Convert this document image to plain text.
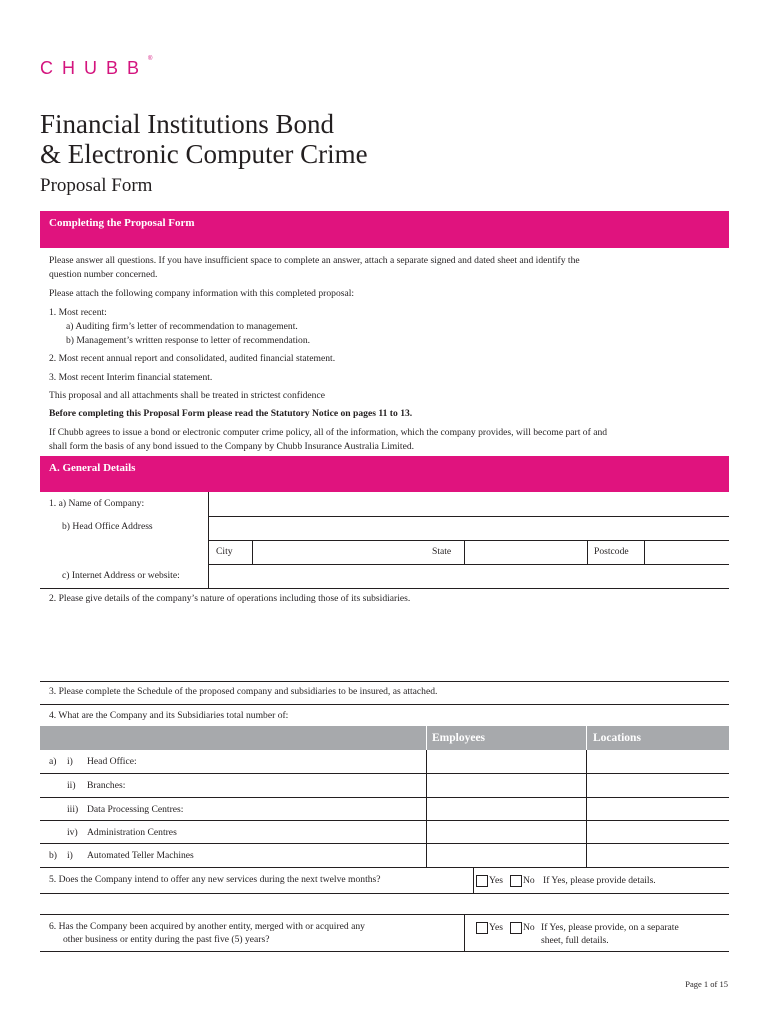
CHUBB®
Financial Institutions Bond
& Electronic Computer Crime
Proposal Form
Completing the Proposal Form
Please answer all questions. If you have insufficient space to complete an answer, attach a separate signed and dated sheet and identify the
question number concerned.
Please attach the following company information with this completed proposal:
1. Most recent:
a) Auditing firm’s letter of recommendation to management.
b) Management’s written response to letter of recommendation.
2. Most recent annual report and consolidated, audited financial statement.
3. Most recent Interim financial statement.
This proposal and all attachments shall be treated in strictest confidence
Before completing this Proposal Form please read the Statutory Notice on pages 11 to 13.
If Chubb agrees to issue a bond or electronic computer crime policy, all of the information, which the company provides, will become part of and
shall form the basis of any bond issued to the Company by Chubb Insurance Australia Limited.
A. General Details
1. a) Name of Company:
b) Head Office Address
City	State	Postcode
c) Internet Address or website:
2. Please give details of the company’s nature of operations including those of its subsidiaries.
3. Please complete the Schedule of the proposed company and subsidiaries to be insured, as attached.
4. What are the Company and its Subsidiaries total number of:
Employees	Locations
a) i) Head Office:
ii) Branches:
iii) Data Processing Centres:
iv) Administration Centres
b) i) Automated Teller Machines
5. Does the Company intend to offer any new services during the next twelve months?	Yes No If Yes, please provide details.
6. Has the Company been acquired by another entity, merged with or acquired any
other business or entity during the past five (5) years?
Yes No If Yes, please provide, on a separate
sheet, full details.
Page 1 of 15
